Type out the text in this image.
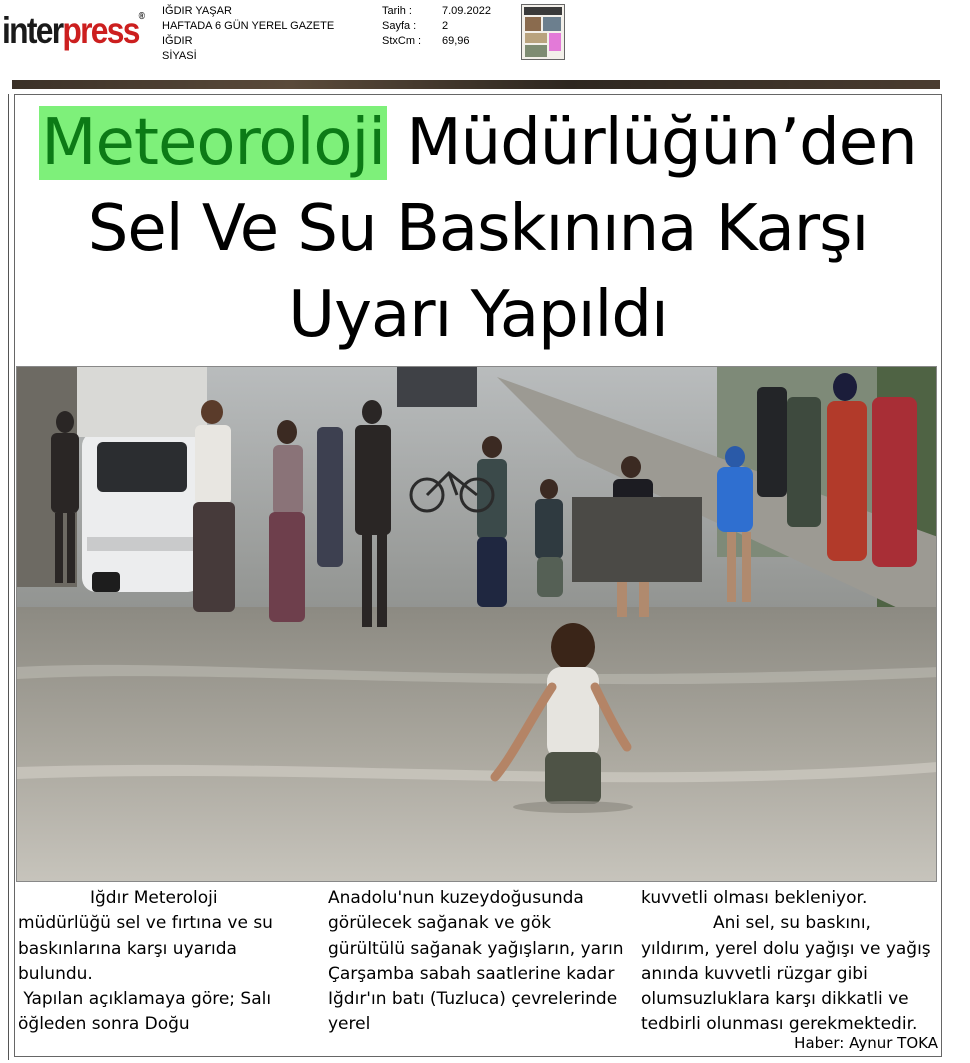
interpress® IĞDIR YAŞAR
HAFTADA 6 GÜN YEREL GAZETE
IĞDIR
SİYASİ
Tarih :
Sayfa :
StxCm :
7.09.2022
2
69,96
Meteoroloji Müdürlüğün’den
Sel Ve Su Baskınına Karşı
Uyarı Yapıldı

Iğdır Meteroloji müdürlüğü sel ve fırtına ve su baskınlarına karşı uyarıda bulundu.

Yapılan açıklamaya göre; Salı öğleden sonra Doğu

Anadolu'nun kuzeydoğusunda görülecek sağanak ve gök gürültülü sağanak yağışların, yarın Çarşamba sabah saatlerine kadar Iğdır'ın batı (Tuzluca) çevrelerinde yerel

kuvvetli olması bekleniyor.

Ani sel, su baskını, yıldırım, yerel dolu yağışı ve yağış anında kuvvetli rüzgar gibi olumsuzluklara karşı dikkatli ve tedbirli olunması gerekmektedir.

Haber: Aynur TOKA
